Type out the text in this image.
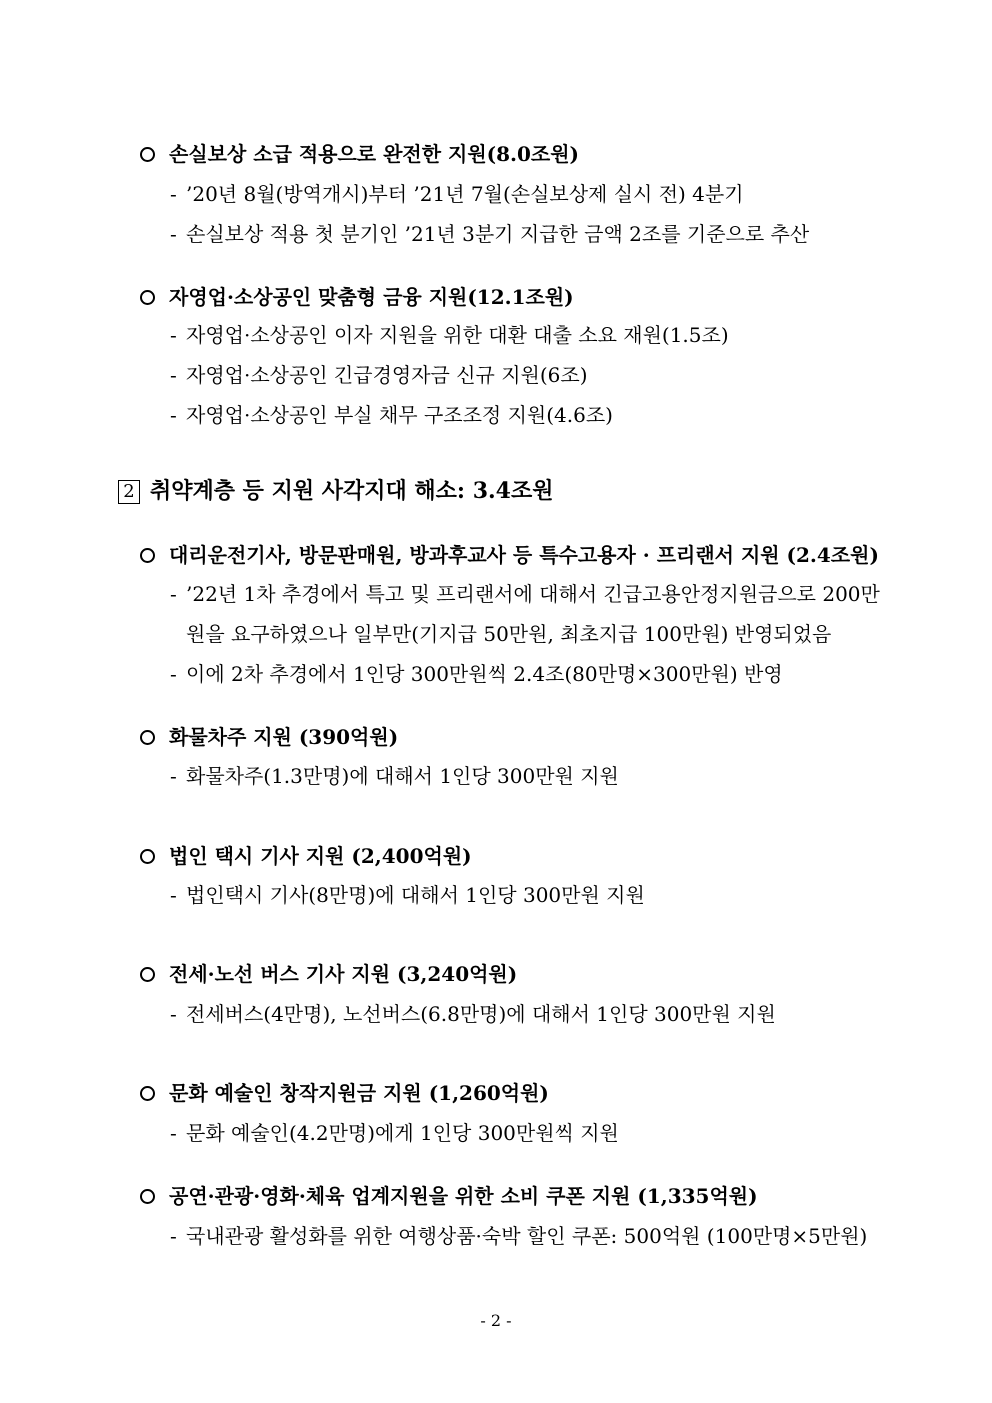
손실보상 소급 적용으로 완전한 지원(8.0조원)
- ’20년 8월(방역개시)부터 ’21년 7월(손실보상제 실시 전) 4분기
- 손실보상 적용 첫 분기인 ’21년 3분기 지급한 금액 2조를 기준으로 추산
자영업·소상공인 맞춤형 금융 지원(12.1조원)
- 자영업·소상공인 이자 지원을 위한 대환 대출 소요 재원(1.5조)
- 자영업·소상공인 긴급경영자금 신규 지원(6조)
- 자영업·소상공인 부실 채무 구조조정 지원(4.6조)
2 취약계층 등 지원 사각지대 해소: 3.4조원
대리운전기사, 방문판매원, 방과후교사 등 특수고용자 · 프리랜서 지원 (2.4조원)
- ’22년 1차 추경에서 특고 및 프리랜서에 대해서 긴급고용안정지원금으로 200만
원을 요구하였으나 일부만(기지급 50만원, 최초지급 100만원) 반영되었음
- 이에 2차 추경에서 1인당 300만원씩 2.4조(80만명×300만원) 반영
화물차주 지원 (390억원)
- 화물차주(1.3만명)에 대해서 1인당 300만원 지원
법인 택시 기사 지원 (2,400억원)
- 법인택시 기사(8만명)에 대해서 1인당 300만원 지원
전세·노선 버스 기사 지원 (3,240억원)
- 전세버스(4만명), 노선버스(6.8만명)에 대해서 1인당 300만원 지원
문화 예술인 창작지원금 지원 (1,260억원)
- 문화 예술인(4.2만명)에게 1인당 300만원씩 지원
공연·관광·영화·체육 업계지원을 위한 소비 쿠폰 지원 (1,335억원)
- 국내관광 활성화를 위한 여행상품·숙박 할인 쿠폰: 500억원 (100만명×5만원)
- 2 -
